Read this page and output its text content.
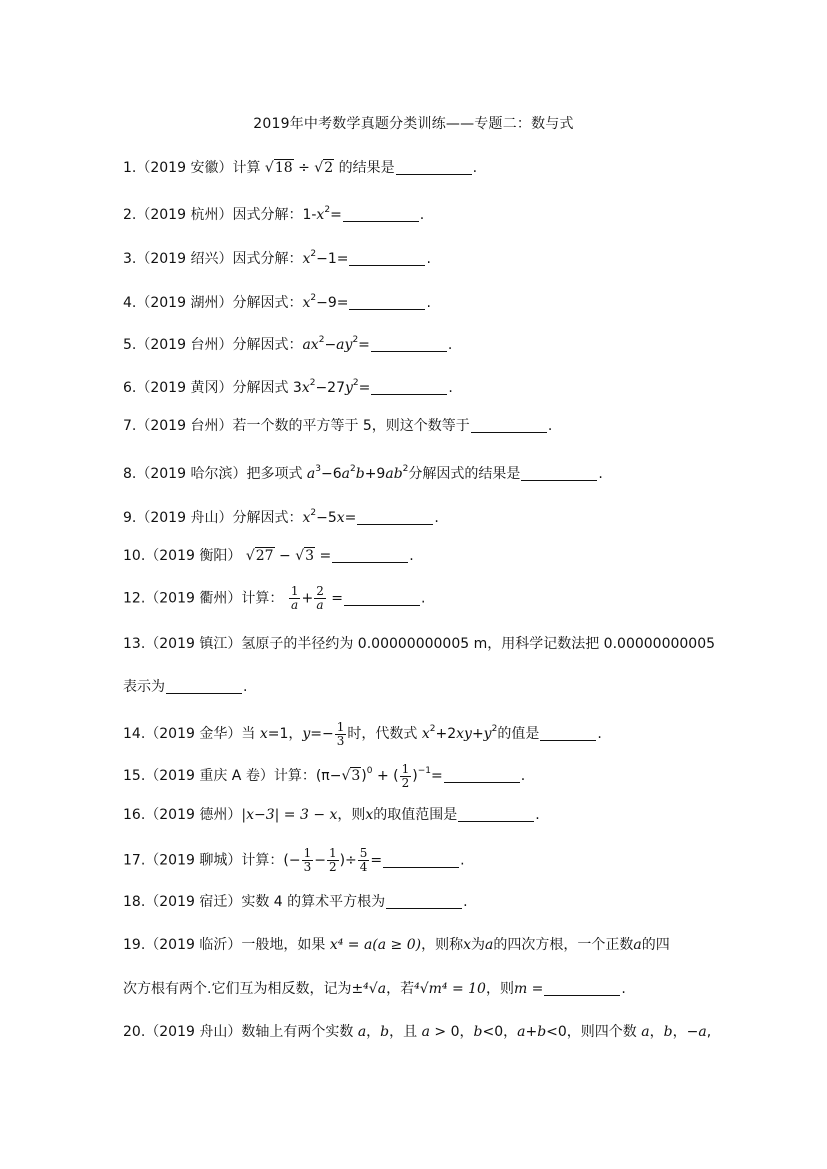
2019年中考数学真题分类训练——专题二：数与式
1.（2019 安徽）计算 √18 ÷ √2 的结果是	.
2.（2019 杭州）因式分解：$1-x^2=$	.
3.（2019 绍兴）因式分解：$x^2-1=$	.
4.（2019 湖州）分解因式：$x^2-9=$	.
5.（2019 台州）分解因式：$ax^2-ay^2=$	.
6.（2019 黄冈）分解因式 $3x^2-27y^2=$	.
7.（2019 台州）若一个数的平方等于 5，则这个数等于	.
8.（2019 哈尔滨）把多项式 $a^3-6a^2b+9ab^2$分解因式的结果是	.
9.（2019 舟山）分解因式：$x^2-5x=$	.
10.（2019 衡阳） √27 − √3 =	.
12.（2019 衢州）计算： $\frac{1}{a} + \frac{2}{a}$ =	.
13.（2019 镇江）氢原子的半径约为 0.00000000005 m，用科学记数法把 0.00000000005
表示为	.
14.（2019 金华）当 x=1，$y=- \frac{1}{3}$ 时，代数式 $x^2+2xy+y^2$的值是	.
15.（2019 重庆 A 卷）计算：$(\pi-√3)^0$ + ( $\frac{1}{2} )^{-1}=$	.
16.（2019 德州）|x−3| = 3 − x，则x的取值范围是	.
17.（2019 聊城）计算：(− $\frac{1}{3} - \frac{1}{2}$ )÷ $\frac{5}{4}$ =	.
18.（2019 宿迁）实数 4 的算术平方根为	.
19.（2019 临沂）一般地，如果 x⁴ = a(a ≥ 0)，则称x为a的四次方根，一个正数a的四
次方根有两个.它们互为相反数，记为±⁴√a，若⁴√m⁴ = 10，则m =	.
20.（2019 舟山）数轴上有两个实数 a，b，且 a > 0，b<0，a+b<0，则四个数 a，b，−a,
